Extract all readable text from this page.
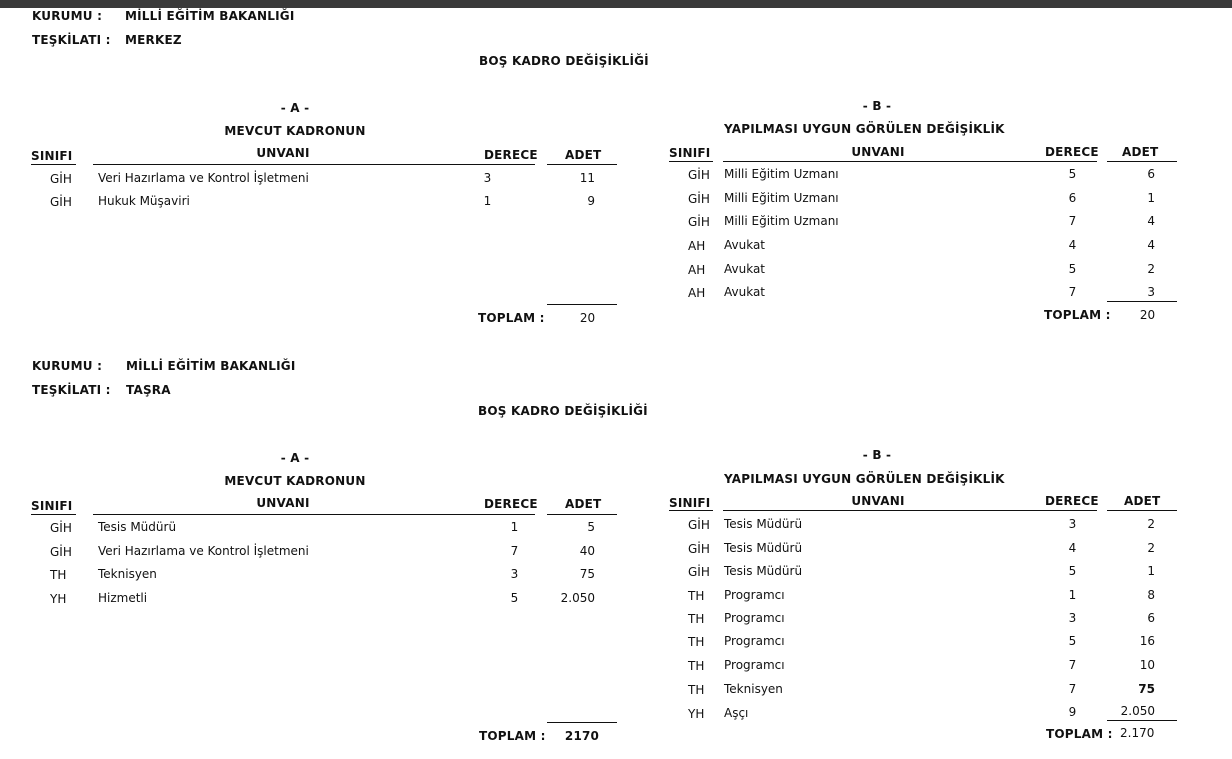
KURUMU : MİLLİ EĞİTİM BAKANLIĞI
TEŞKİLATI : MERKEZ
BOŞ KADRO DEĞİŞİKLİĞİ
- A -
MEVCUT KADRONUN
SINIFI	UNVANI	DERECE ADET
GİH Veri Hazırlama ve Kontrol İşletmeni	3	11
GİH Hukuk Müşaviri	1	9
TOPLAM :	20
- B -
YAPILMASI UYGUN GÖRÜLEN DEĞİŞİKLİK
SINIFI	UNVANI	DERECE ADET
GİH Milli Eğitim Uzmanı	5	6
GİH Milli Eğitim Uzmanı	6	1
GİH Milli Eğitim Uzmanı	7	4
AH Avukat	4	4
AH Avukat	5	2
AH Avukat	7	3
TOPLAM :	20
KURUMU : MİLLİ EĞİTİM BAKANLIĞI
TEŞKİLATI : TAŞRA
BOŞ KADRO DEĞİŞİKLİĞİ
- A -
MEVCUT KADRONUN
SINIFI	UNVANI	DERECE ADET
GİH Tesis Müdürü	1	5
GİH Veri Hazırlama ve Kontrol İşletmeni	7	40
TH	Teknisyen	3	75
YH	Hizmetli	5	2.050
TOPLAM : 2170
- B -
YAPILMASI UYGUN GÖRÜLEN DEĞİŞİKLİK
SINIFI	UNVANI	DERECE ADET
GİH Tesis Müdürü	3	2
GİH Tesis Müdürü	4	2
GİH Tesis Müdürü	5	1
TH Programcı	1	8
TH Programcı	3	6
TH Programcı	5	16
TH Programcı	7	10
TH Teknisyen	7	75
YH Aşçı	9	2.050
TOPLAM : 2.170
